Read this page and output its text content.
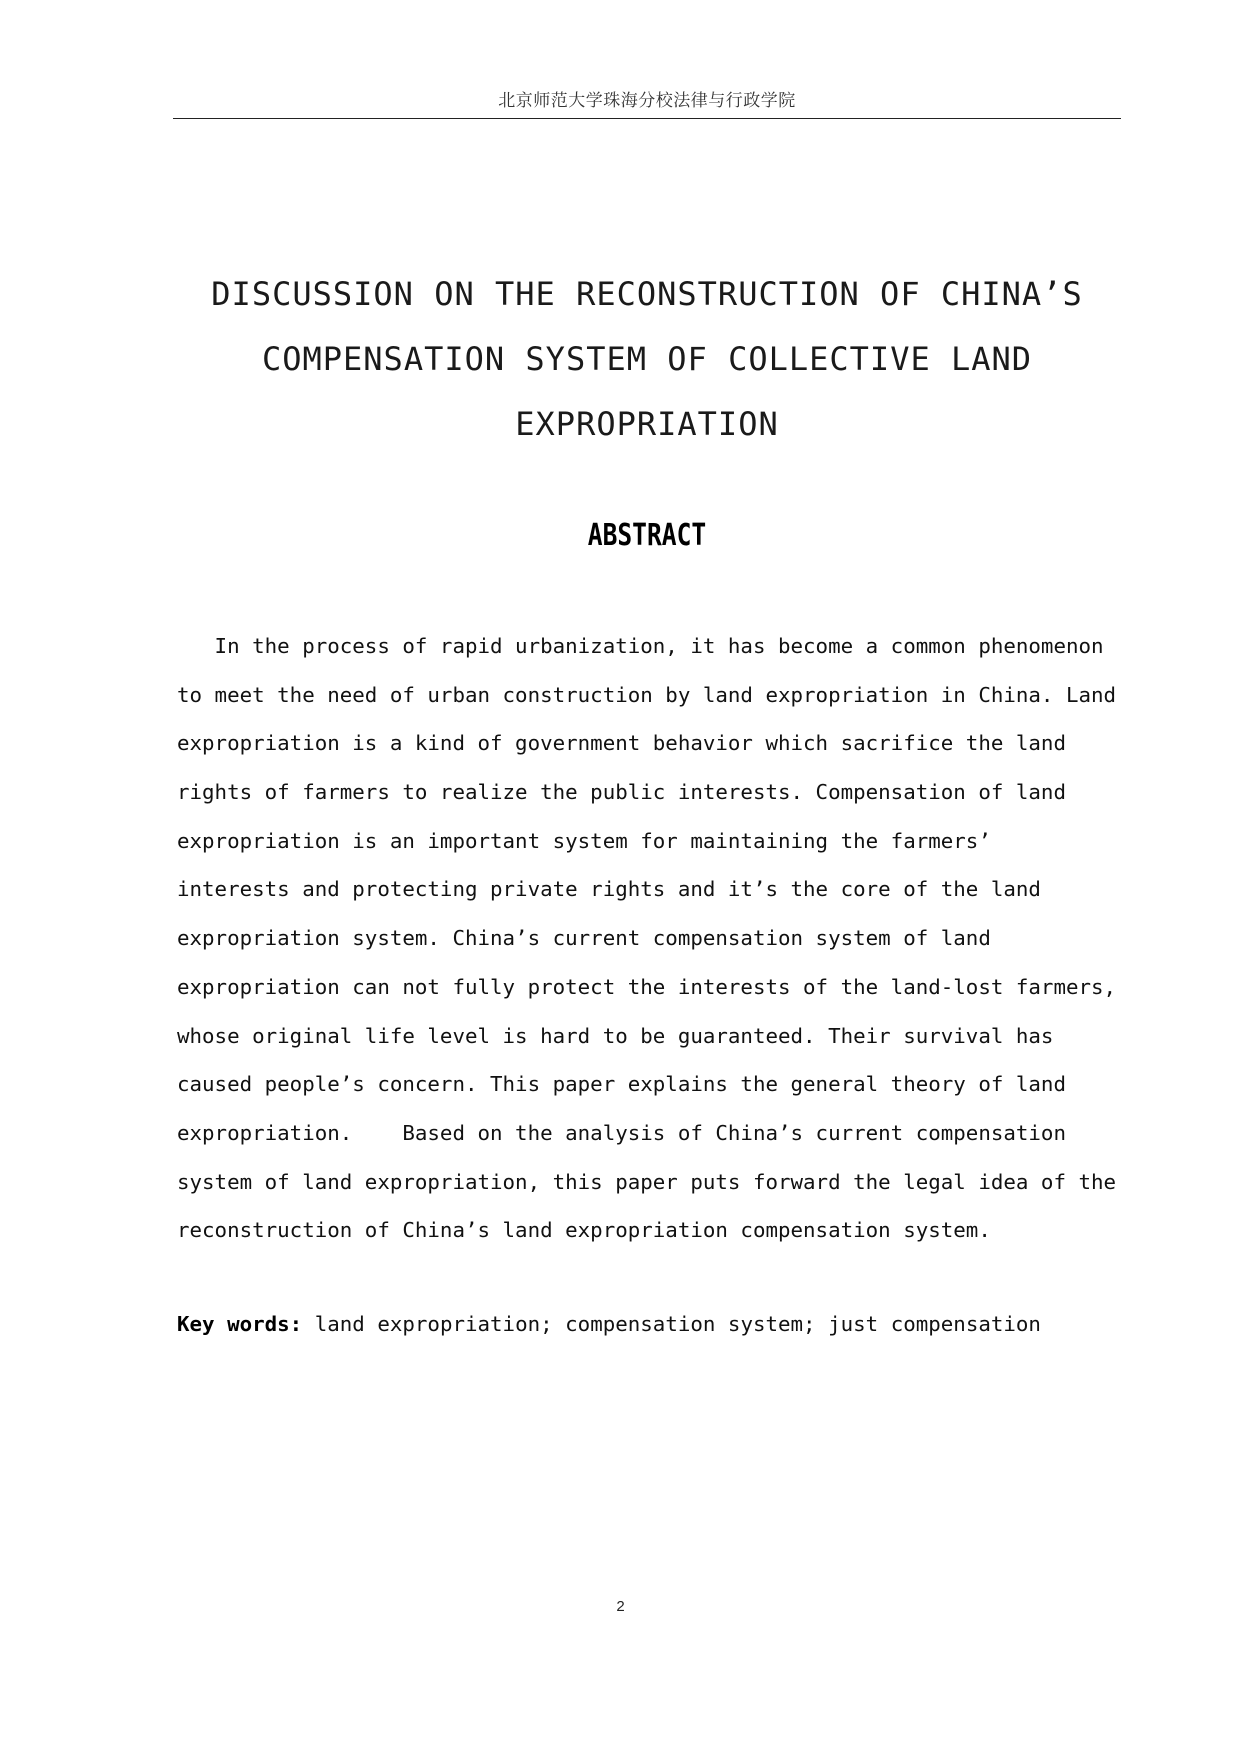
北京师范大学珠海分校法律与行政学院
DISCUSSION ON THE RECONSTRUCTION OF CHINA’S
COMPENSATION SYSTEM OF COLLECTIVE LAND
EXPROPRIATION
ABSTRACT
In the process of rapid urbanization, it has become a common phenomenon
to meet the need of urban construction by land expropriation in China. Land
expropriation is a kind of government behavior which sacrifice the land
rights of farmers to realize the public interests. Compensation of land
expropriation is an important system for maintaining the farmers’
interests and protecting private rights and it’s the core of the land
expropriation system. China’s current compensation system of land
expropriation can not fully protect the interests of the land-lost farmers,
whose original life level is hard to be guaranteed. Their survival has
caused people’s concern. This paper explains the general theory of land
expropriation.    Based on the analysis of China’s current compensation
system of land expropriation, this paper puts forward the legal idea of the
reconstruction of China’s land expropriation compensation system.
Key words: land expropriation; compensation system; just compensation
2
